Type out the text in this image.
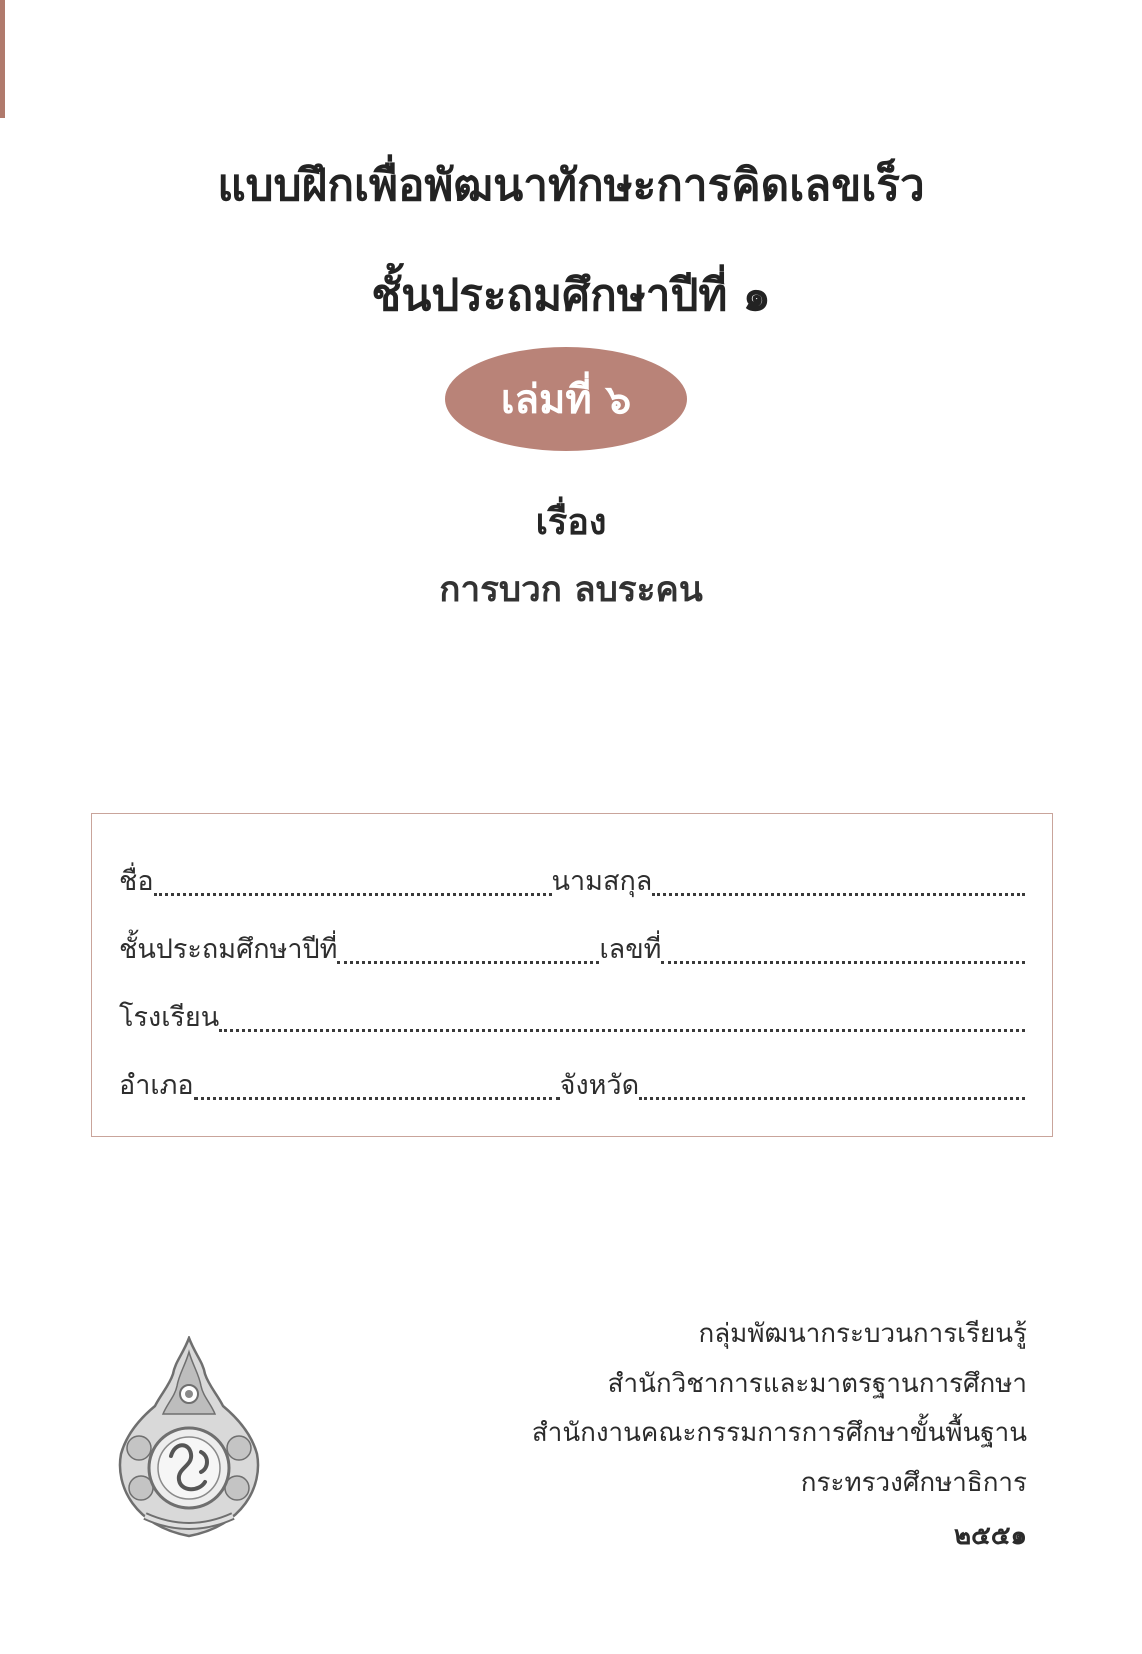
แบบฝึกเพื่อพัฒนาทักษะการคิดเลขเร็ว
ชั้นประถมศึกษาปีที่ ๑
เล่มที่ ๖
เรื่อง
การบวก ลบระคน
ชื่อ	นามสกุล
ชั้นประถมศึกษาปีที่	เลขที่
โรงเรียน
อำเภอ	จังหวัด
กลุ่มพัฒนากระบวนการเรียนรู้
สำนักวิชาการและมาตรฐานการศึกษา
สำนักงานคณะกรรมการการศึกษาขั้นพื้นฐาน
กระทรวงศึกษาธิการ
๒๕๕๑
